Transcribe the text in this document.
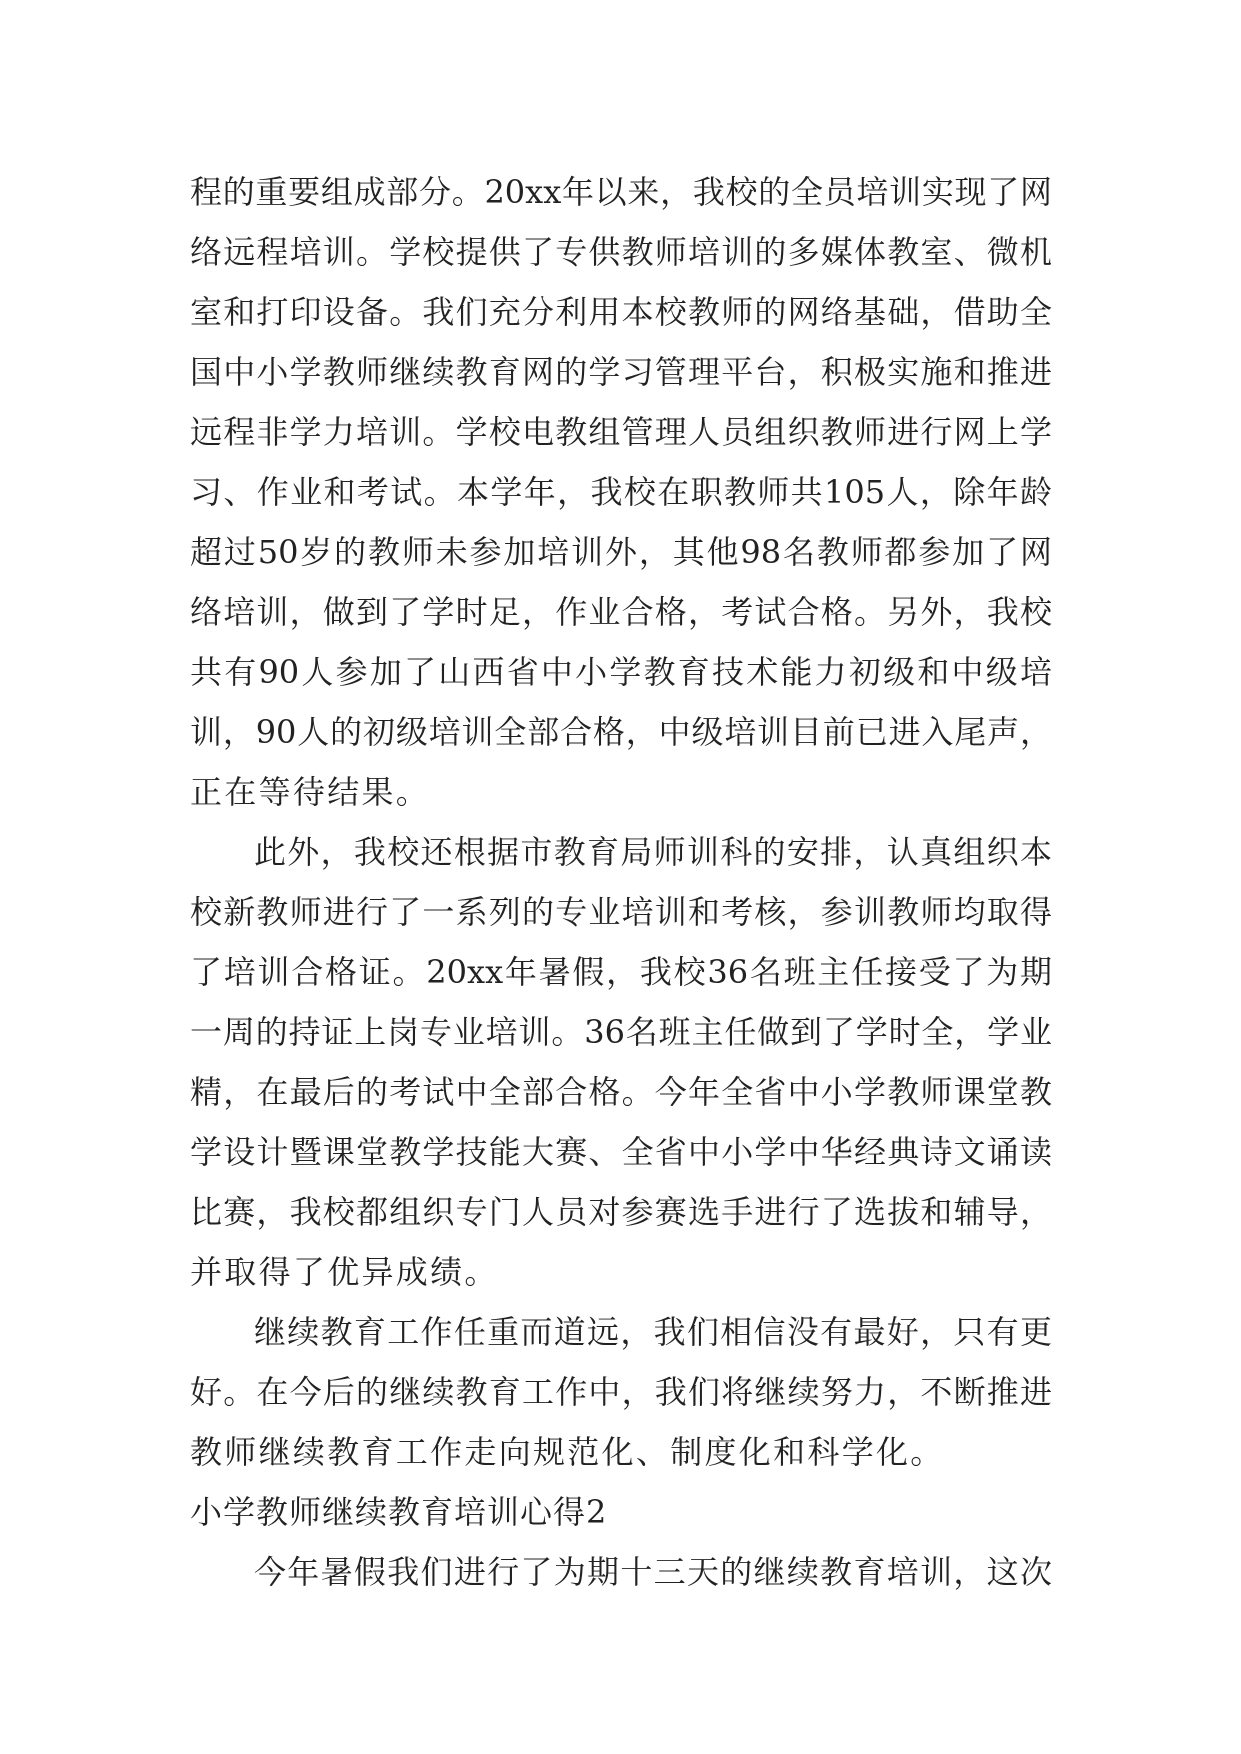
程的重要组成部分。20xx年以来，我校的全员培训实现了网
络远程培训。学校提供了专供教师培训的多媒体教室、微机
室和打印设备。我们充分利用本校教师的网络基础，借助全
国中小学教师继续教育网的学习管理平台，积极实施和推进
远程非学力培训。学校电教组管理人员组织教师进行网上学
习、作业和考试。本学年，我校在职教师共105人，除年龄
超过50岁的教师未参加培训外，其他98名教师都参加了网
络培训，做到了学时足，作业合格，考试合格。另外，我校
共有90人参加了山西省中小学教育技术能力初级和中级培
训，90人的初级培训全部合格，中级培训目前已进入尾声，
正在等待结果。
此外，我校还根据市教育局师训科的安排，认真组织本
校新教师进行了一系列的专业培训和考核，参训教师均取得
了培训合格证。20xx年暑假，我校36名班主任接受了为期
一周的持证上岗专业培训。36名班主任做到了学时全，学业
精，在最后的考试中全部合格。今年全省中小学教师课堂教
学设计暨课堂教学技能大赛、全省中小学中华经典诗文诵读
比赛，我校都组织专门人员对参赛选手进行了选拔和辅导，
并取得了优异成绩。
继续教育工作任重而道远，我们相信没有最好，只有更
好。在今后的继续教育工作中，我们将继续努力，不断推进
教师继续教育工作走向规范化、制度化和科学化。
小学教师继续教育培训心得2
今年暑假我们进行了为期十三天的继续教育培训，这次
